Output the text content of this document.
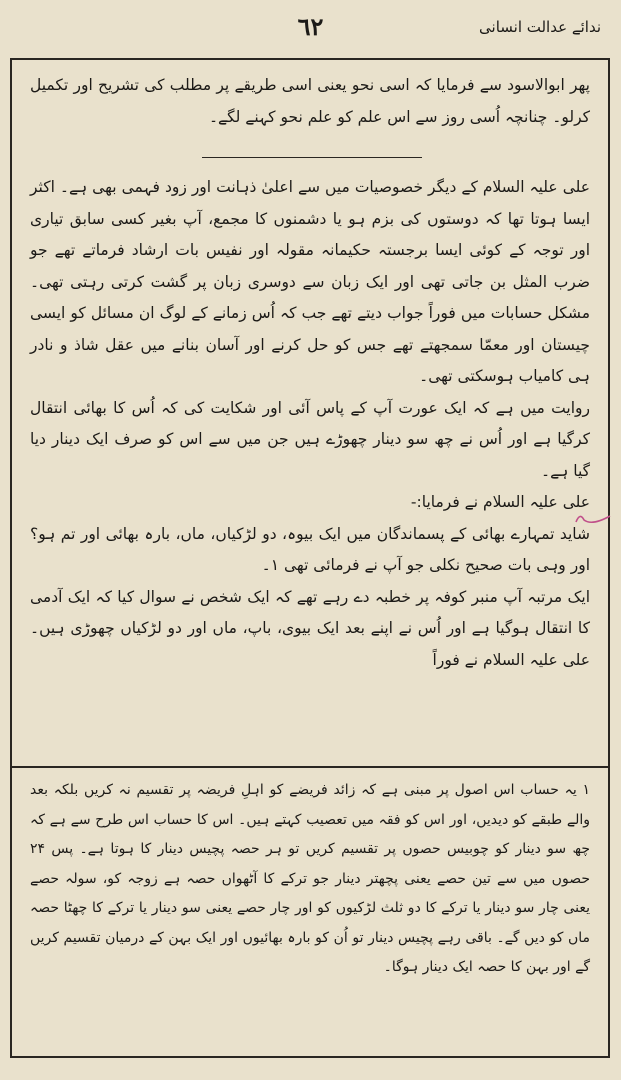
٦٢	ندائے عدالت انسانی

پھر ابوالاسود سے فرمایا کہ اسی نحو یعنی اسی طریقے پر مطلب کی تشریح اور تکمیل کرلو۔ چنانچہ اُسی روز سے اس علم کو علم نحو کہنے لگے۔

علی علیہ السلام کے دیگر خصوصیات میں سے اعلیٰ ذہانت اور زود فہمی بھی ہے۔ اکثر ایسا ہوتا تھا کہ دوستوں کی بزم ہو یا دشمنوں کا مجمع، آپ بغیر کسی سابق تیاری اور توجہ کے کوئی ایسا برجستہ حکیمانہ مقولہ اور نفیس بات ارشاد فرماتے تھے جو ضرب المثل بن جاتی تھی اور ایک زبان سے دوسری زبان پر گشت کرتی رہتی تھی۔ مشکل حسابات میں فوراً جواب دیتے تھے جب کہ اُس زمانے کے لوگ ان مسائل کو ایسی چیستان اور معمّا سمجھتے تھے جس کو حل کرنے اور آسان بنانے میں عقل شاذ و نادر ہی کامیاب ہوسکتی تھی۔

روایت میں ہے کہ ایک عورت آپ کے پاس آئی اور شکایت کی کہ اُس کا بھائی انتقال کرگیا ہے اور اُس نے چھ سو دینار چھوڑے ہیں جن میں سے اس کو صرف ایک دینار دیا گیا ہے۔

علی علیہ السلام نے فرمایا:-

شاید تمہارے بھائی کے پسماندگان میں ایک بیوہ، دو لڑکیاں، ماں، بارہ بھائی اور تم ہو؟ اور وہی بات صحیح نکلی جو آپ نے فرمائی تھی ۱۔

ایک مرتبہ آپ منبر کوفہ پر خطبہ دے رہے تھے کہ ایک شخص نے سوال کیا کہ ایک آدمی کا انتقال ہوگیا ہے اور اُس نے اپنے بعد ایک بیوی، باپ، ماں اور دو لڑکیاں چھوڑی ہیں۔ علی علیہ السلام نے فوراً

۱ یہ حساب اس اصول پر مبنی ہے کہ زائد فریضے کو اہلِ فریضہ پر تقسیم نہ کریں بلکہ بعد والے طبقے کو دیدیں، اور اس کو فقہ میں تعصیب کہتے ہیں۔ اس کا حساب اس طرح سے ہے کہ چھ سو دینار کو چوبیس حصوں پر تقسیم کریں تو ہر حصہ پچیس دینار کا ہوتا ہے۔ پس ۲۴ حصوں میں سے تین حصے یعنی پچھتر دینار جو ترکے کا آٹھواں حصہ ہے زوجہ کو، سولہ حصے یعنی چار سو دینار یا ترکے کا دو ثلث لڑکیوں کو اور چار حصے یعنی سو دینار یا ترکے کا چھٹا حصہ ماں کو دیں گے۔ باقی رہے پچیس دینار تو اُن کو بارہ بھائیوں اور ایک بہن کے درمیان تقسیم کریں گے اور بہن کا حصہ ایک دینار ہوگا۔
